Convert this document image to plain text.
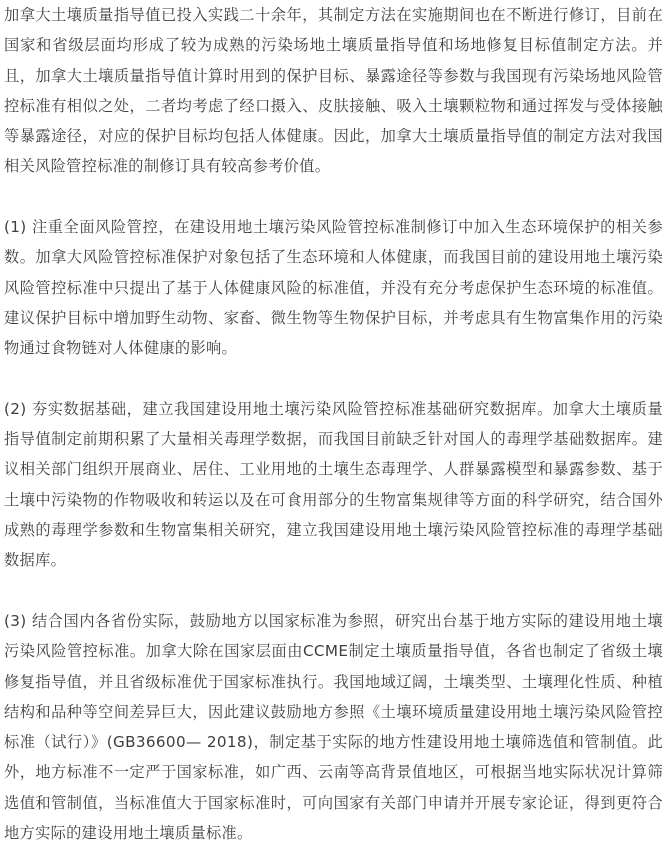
加拿大土壤质量指导值已投入实践二十余年，其制定方法在实施期间也在不断进行修订，目前在国家和省级层面均形成了较为成熟的污染场地土壤质量指导值和场地修复目标值制定方法。并且，加拿大土壤质量指导值计算时用到的保护目标、暴露途径等参数与我国现有污染场地风险管控标准有相似之处，二者均考虑了经口摄入、皮肤接触、吸入土壤颗粒物和通过挥发与受体接触等暴露途径，对应的保护目标均包括人体健康。因此，加拿大土壤质量指导值的制定方法对我国相关风险管控标准的制修订具有较高参考价值。

(1) 注重全面风险管控，在建设用地土壤污染风险管控标准制修订中加入生态环境保护的相关参数。加拿大风险管控标准保护对象包括了生态环境和人体健康，而我国目前的建设用地土壤污染风险管控标准中只提出了基于人体健康风险的标准值，并没有充分考虑保护生态环境的标准值。建议保护目标中增加野生动物、家畜、微生物等生物保护目标，并考虑具有生物富集作用的污染物通过食物链对人体健康的影响。

(2) 夯实数据基础，建立我国建设用地土壤污染风险管控标准基础研究数据库。加拿大土壤质量指导值制定前期积累了大量相关毒理学数据，而我国目前缺乏针对国人的毒理学基础数据库。建议相关部门组织开展商业、居住、工业用地的土壤生态毒理学、人群暴露模型和暴露参数、基于土壤中污染物的作物吸收和转运以及在可食用部分的生物富集规律等方面的科学研究，结合国外成熟的毒理学参数和生物富集相关研究，建立我国建设用地土壤污染风险管控标准的毒理学基础数据库。

(3) 结合国内各省份实际，鼓励地方以国家标准为参照，研究出台基于地方实际的建设用地土壤污染风险管控标准。加拿大除在国家层面由CCME制定土壤质量指导值，各省也制定了省级土壤修复指导值，并且省级标准优于国家标准执行。我国地域辽阔，土壤类型、土壤理化性质、种植结构和品种等空间差异巨大，因此建议鼓励地方参照《土壤环境质量建设用地土壤污染风险管控标准（试行）》(GB36600— 2018)，制定基于实际的地方性建设用地土壤筛选值和管制值。此外，地方标准不一定严于国家标准，如广西、云南等高背景值地区，可根据当地实际状况计算筛选值和管制值，当标准值大于国家标准时，可向国家有关部门申请并开展专家论证，得到更符合地方实际的建设用地土壤质量标准。
